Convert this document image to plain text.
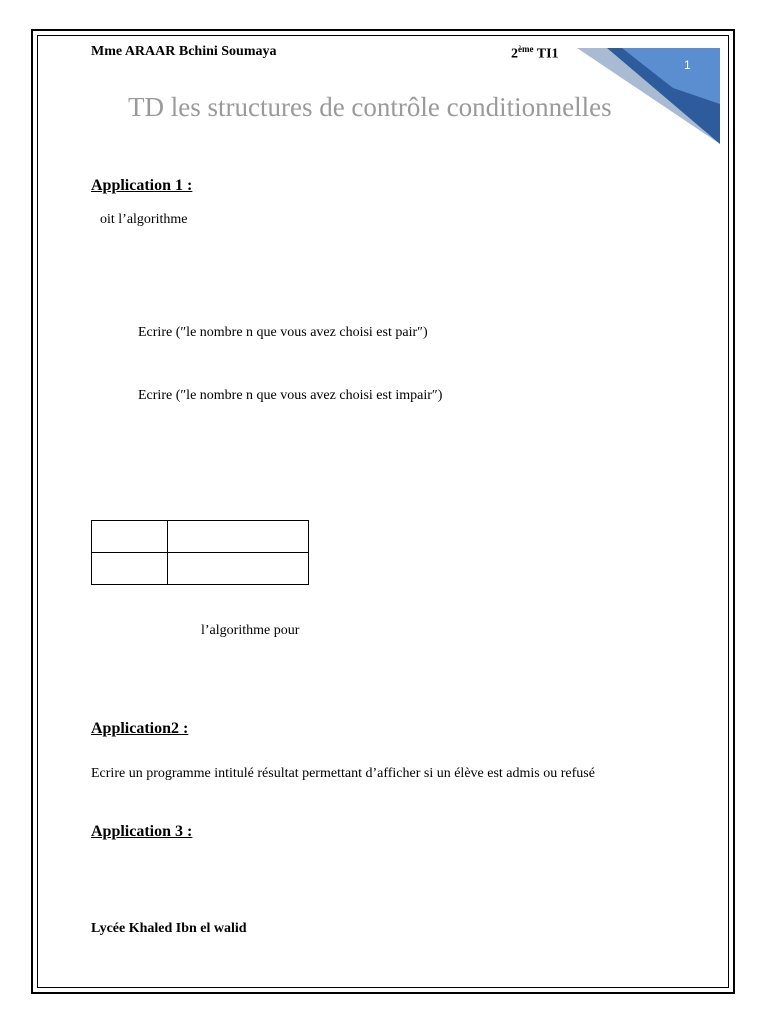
Mme ARAAR Bchini Soumaya	2ème TI1
1
TD les structures de contrôle conditionnelles
Application 1 :
oit l’algorithme
Ecrire (″le nombre n que vous avez choisi est pair″)
Ecrire (″le nombre n que vous avez choisi est impair″)

l’algorithme pour
Application2 :
Ecrire un programme intitulé résultat permettant d’afficher si un élève est admis ou refusé
Application 3 :
Lycée Khaled Ibn el walid
